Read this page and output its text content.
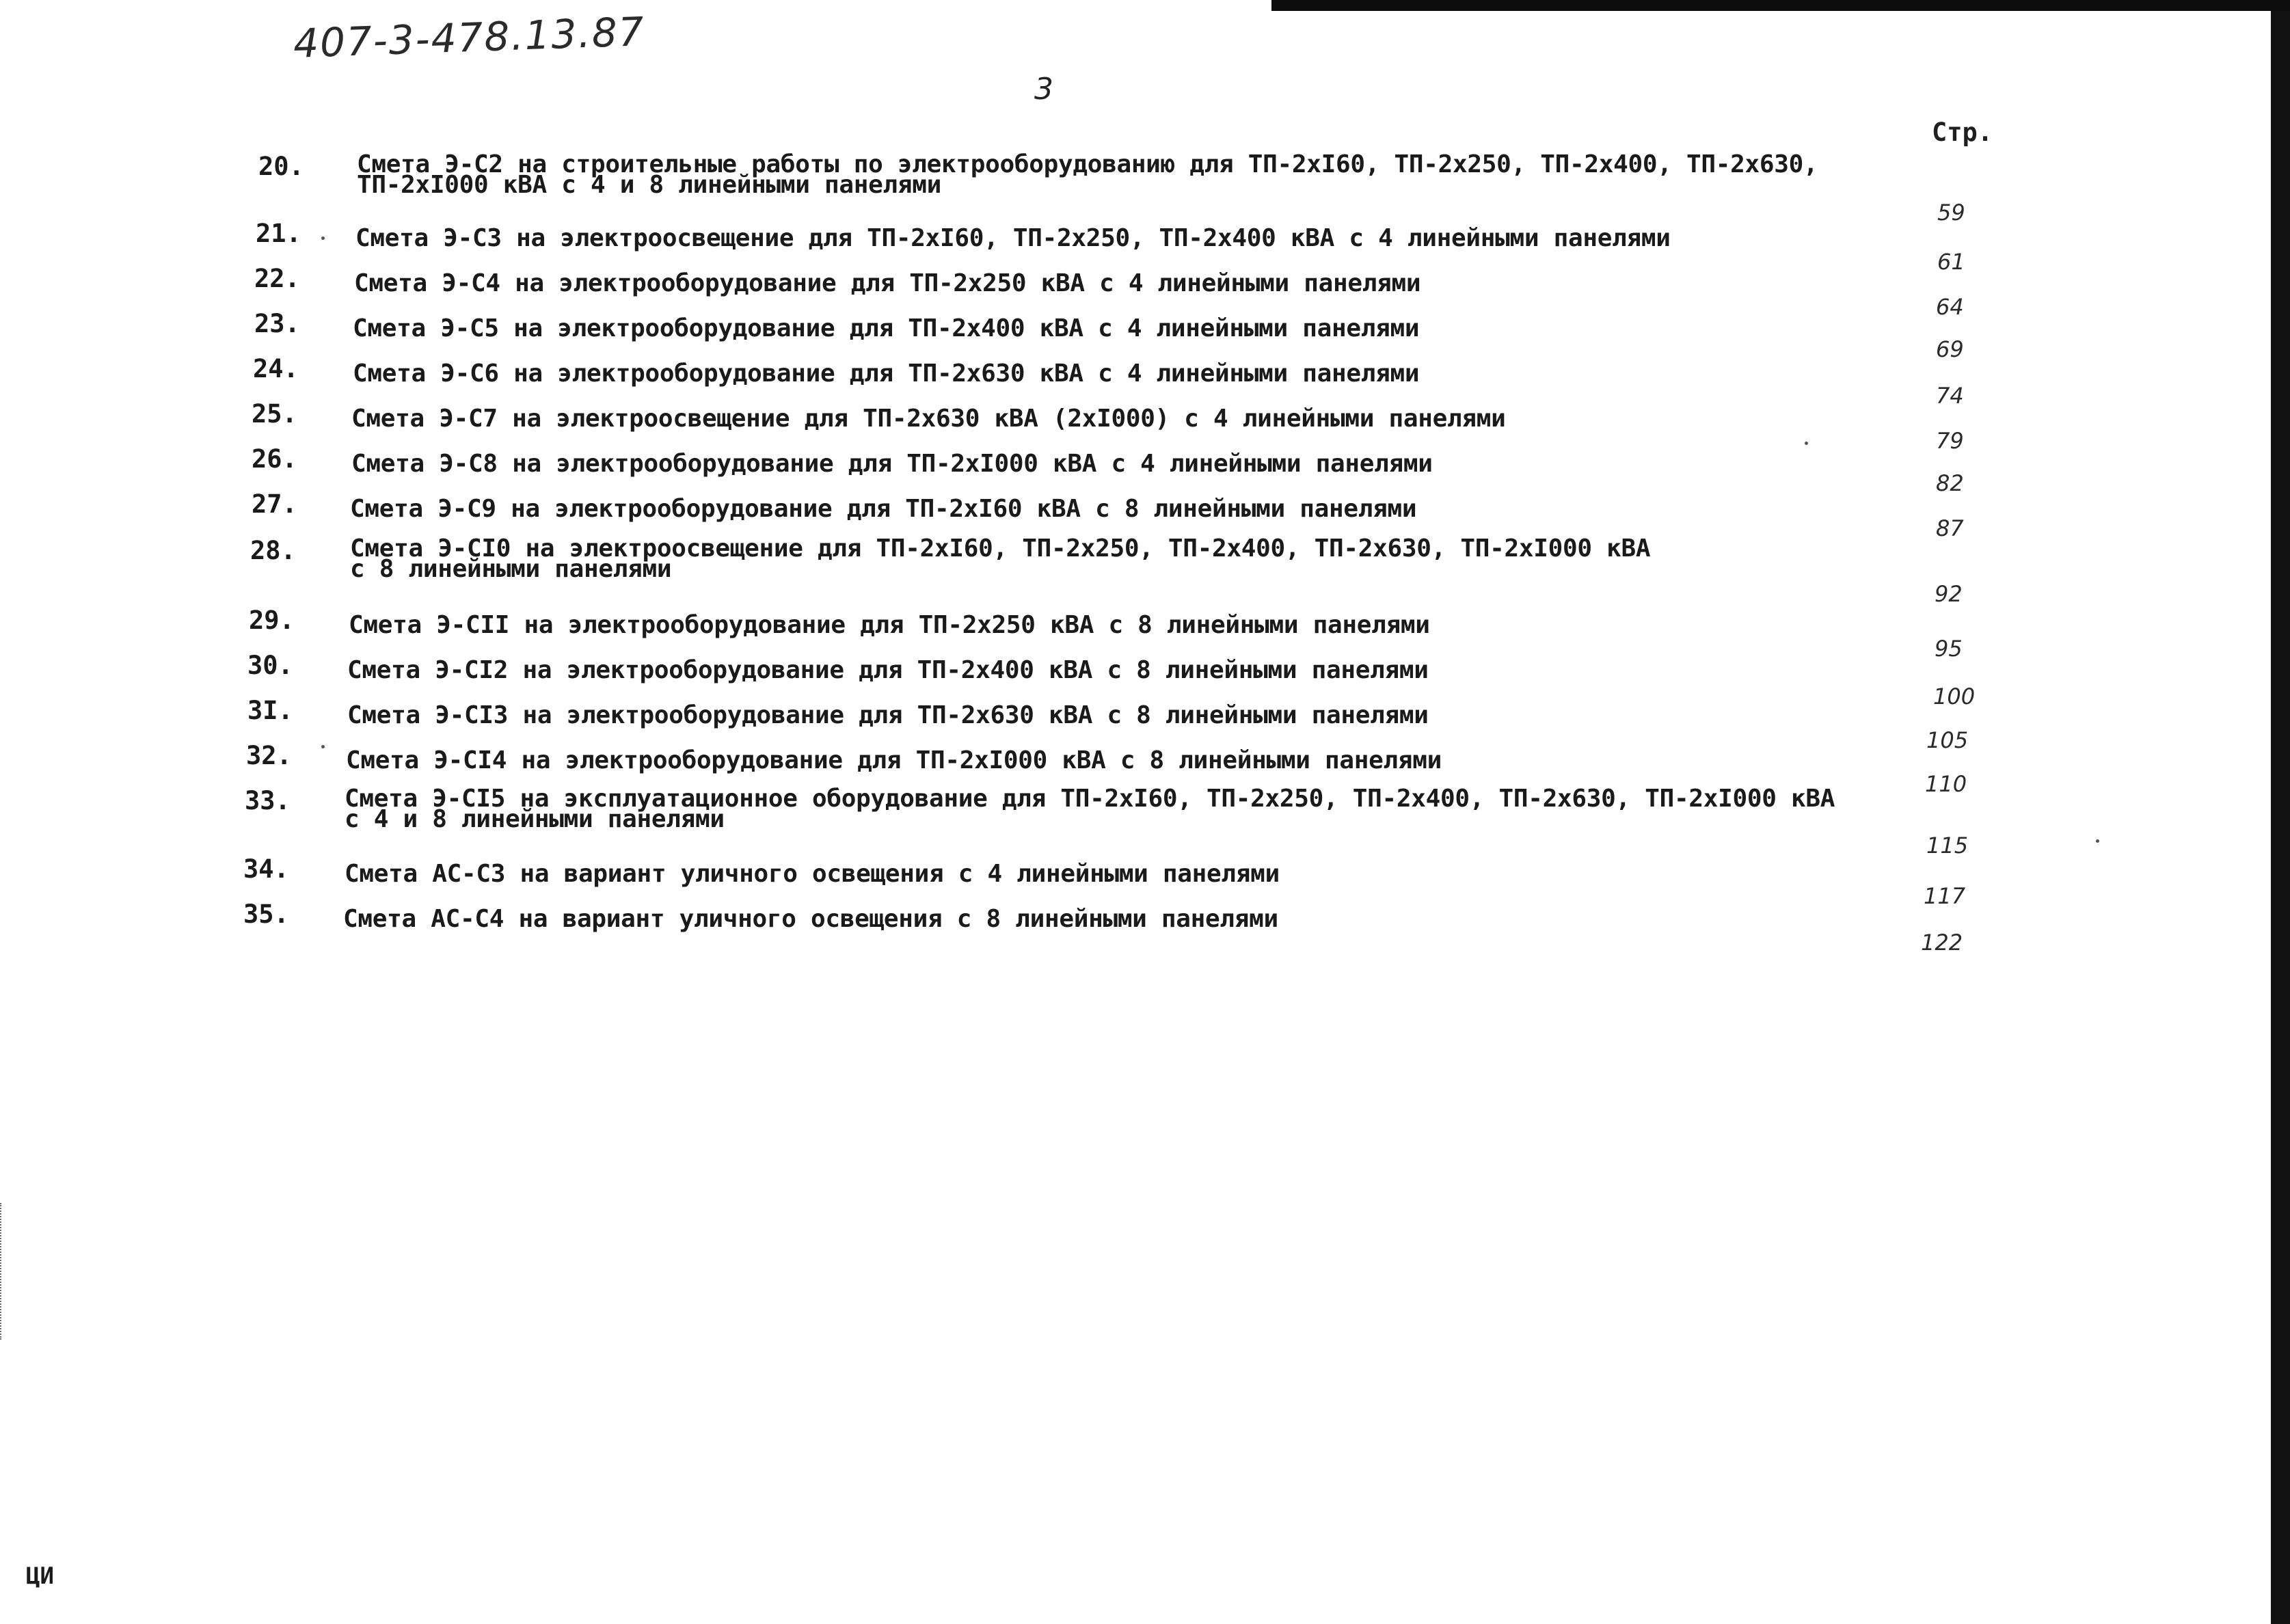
407-3-478.13.87
3
Стр.
20. Смета Э-С2 на строительные работы по электрооборудованию для ТП-2хI60, ТП-2х250, ТП-2х400, ТП-2х630,
ТП-2хI000 кВА с 4 и 8 линейными панелями
59
21. Смета Э-С3 на электроосвещение для ТП-2хI60, ТП-2х250, ТП-2х400 кВА с 4 линейными панелями
61
22. Смета Э-С4 на электрооборудование для ТП-2х250 кВА с 4 линейными панелями
64
23. Смета Э-С5 на электрооборудование для ТП-2х400 кВА с 4 линейными панелями
69
24. Смета Э-С6 на электрооборудование для ТП-2х630 кВА с 4 линейными панелями
74
25. Смета Э-С7 на электроосвещение для ТП-2х630 кВА (2хI000) с 4 линейными панелями
79
26. Смета Э-С8 на электрооборудование для ТП-2хI000 кВА с 4 линейными панелями
82
27. Смета Э-С9 на электрооборудование для ТП-2хI60 кВА с 8 линейными панелями
87
28. Смета Э-СI0 на электроосвещение для ТП-2хI60, ТП-2х250, ТП-2х400, ТП-2х630, ТП-2хI000 кВА
с 8 линейными панелями
92
29. Смета Э-СII на электрооборудование для ТП-2х250 кВА с 8 линейными панелями
95
30. Смета Э-СI2 на электрооборудование для ТП-2х400 кВА с 8 линейными панелями
100
3I. Смета Э-СI3 на электрооборудование для ТП-2х630 кВА с 8 линейными панелями
105
32. Смета Э-СI4 на электрооборудование для ТП-2хI000 кВА с 8 линейными панелями
110
33. Смета Э-СI5 на эксплуатационное оборудование для ТП-2хI60, ТП-2х250, ТП-2х400, ТП-2х630, ТП-2хI000 кВА
с 4 и 8 линейными панелями
115
34. Смета АС-С3 на вариант уличного освещения с 4 линейными панелями
117
35. Смета АС-С4 на вариант уличного освещения с 8 линейными панелями
122
ЦИ
